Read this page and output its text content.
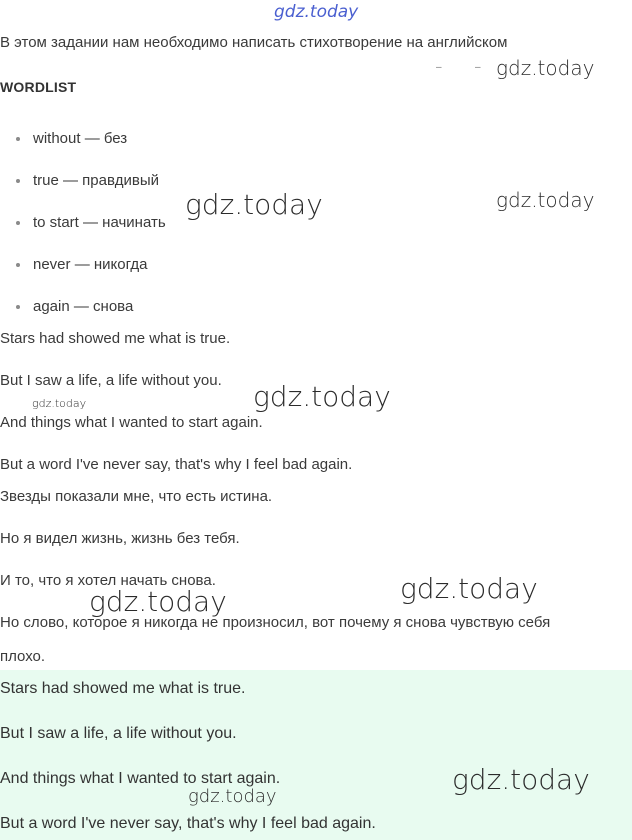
gdz.today
В этом задании нам необходимо написать стихотворение на английском
–	– gdz.today
WORDLIST
without — без
true — правдивый
to start — начинать
never — никогда
again — снова
gdz.today	gdz.today
Stars had showed me what is true.
But I saw a life, a life without you.
And things what I wanted to start again.
But a word I've never say, that's why I feel bad again.
gdz.today	gdz.today
Звезды показали мне, что есть истина.
Но я видел жизнь, жизнь без тебя.
И то, что я хотел начать снова.
Но слово, которое я никогда не произносил, вот почему я снова чувствую себя
плохо.
gdz.today
gdz.today
Stars had showed me what is true.
But I saw a life, a life without you.
And things what I wanted to start again.
But a word I've never say, that's why I feel bad again.
gdz.today
gdz.today
